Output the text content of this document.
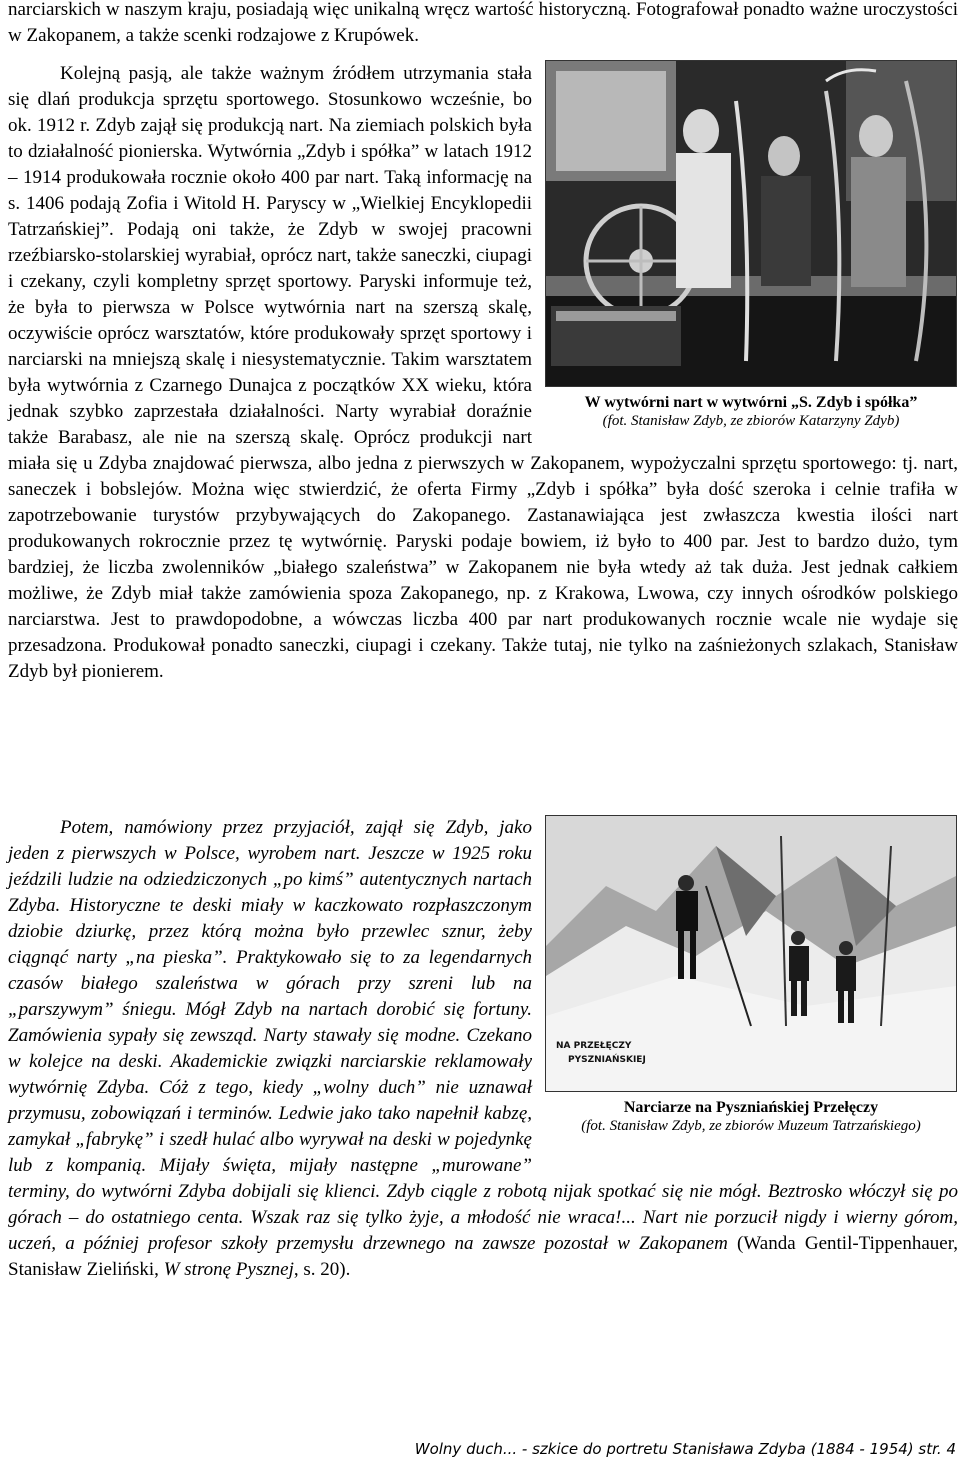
W wytwórni nart w wytwórni „S. Zdyb i spółka”
(fot. Stanisław Zdyb, ze zbiorów Katarzyny Zdyb)

narciarskich w naszym kraju, posiadają więc unikalną wręcz wartość historyczną. Fotografował ponadto ważne uroczystości w Zakopanem, a także scenki rodzajowe z Krupówek.

Kolejną pasją, ale także ważnym źródłem utrzymania stała się dlań produkcja sprzętu sportowego. Stosunkowo wcześnie, bo ok. 1912 r. Zdyb zajął się produkcją nart. Na ziemiach polskich była to działalność pionierska. Wytwórnia „Zdyb i spółka” w latach 1912 – 1914 produkowała rocznie około 400 par nart. Taką informację na s. 1406 podają Zofia i Witold H. Paryscy w „Wielkiej Encyklopedii Tatrzańskiej”. Podają oni także, że Zdyb w swojej pracowni rzeźbiarsko-stolarskiej wyrabiał, oprócz nart, także saneczki, ciupagi i czekany, czyli kompletny sprzęt sportowy. Paryski informuje też, że była to pierwsza w Polsce wytwórnia nart na szerszą skalę, oczywiście oprócz warsztatów, które produkowały sprzęt sportowy i narciarski na mniejszą skalę i niesystematycznie. Takim warsztatem była wytwórnia z Czarnego Dunajca z początków XX wieku, która jednak szybko zaprzestała działalności. Narty wyrabiał doraźnie także Barabasz, ale nie na szerszą skalę. Oprócz produkcji nart miała się u Zdyba znajdować pierwsza, albo jedna z pierwszych w Zakopanem, wypożyczalni sprzętu sportowego: tj. nart, saneczek i bobslejów. Można więc stwierdzić, że oferta Firmy „Zdyb i spółka” była dość szeroka i celnie trafiła w zapotrzebowanie turystów przybywających do Zakopanego. Zastanawiająca jest zwłaszcza kwestia ilości nart produkowanych rokrocznie przez tę wytwórnię. Paryski podaje bowiem, iż było to 400 par. Jest to bardzo dużo, tym bardziej, że liczba zwolenników „białego szaleństwa” w Zakopanem nie była wtedy aż tak duża. Jest jednak całkiem możliwe, że Zdyb miał także zamówienia spoza Zakopanego, np. z Krakowa, Lwowa, czy innych ośrodków polskiego narciarstwa. Jest to prawdopodobne, a wówczas liczba 400 par nart produkowanych rocznie wcale nie wydaje się przesadzona. Produkował ponadto saneczki, ciupagi i czekany. Także tutaj, nie tylko na zaśnieżonych szlakach, Stanisław Zdyb był pionierem.

NA PRZEŁĘCZY
PYSZNIAŃSKIEJ
Narciarze na Pyszniańskiej Przełęczy
(fot. Stanisław Zdyb, ze zbiorów Muzeum Tatrzańskiego)

Potem, namówiony przez przyjaciół, zajął się Zdyb, jako jeden z pierwszych w Polsce, wyrobem nart. Jeszcze w 1925 roku jeździli ludzie na odziedziczonych „po kimś” autentycznych nartach Zdyba. Historyczne te deski miały w kaczkowato rozpłaszczonym dziobie dziurkę, przez którą można było przewlec sznur, żeby ciągnąć narty „na pieska”. Praktykowało się to za legendarnych czasów białego szaleństwa w górach przy szreni lub na „parszywym” śniegu. Mógł Zdyb na nartach dorobić się fortuny. Zamówienia sypały się zewsząd. Narty stawały się modne. Czekano w kolejce na deski. Akademickie związki narciarskie reklamowały wytwórnię Zdyba. Cóż z tego, kiedy „wolny duch” nie uznawał przymusu, zobowiązań i terminów. Ledwie jako tako napełnił kabzę, zamykał „fabrykę” i szedł hulać albo wyrywał na deski w pojedynkę lub z kompanią. Mijały święta, mijały następne „murowane” terminy, do wytwórni Zdyba dobijali się klienci. Zdyb ciągle z robotą nijak spotkać się nie mógł. Beztrosko włóczył się po górach – do ostatniego centa. Wszak raz się tylko żyje, a młodość nie wraca!... Nart nie porzucił nigdy i wierny górom, uczeń, a później profesor szkoły przemysłu drzewnego na zawsze pozostał w Zakopanem (Wanda Gentil-Tippenhauer, Stanisław Zieliński, W stronę Pysznej, s. 20).

Wolny duch... - szkice do portretu Stanisława Zdyba (1884 - 1954) str. 4
